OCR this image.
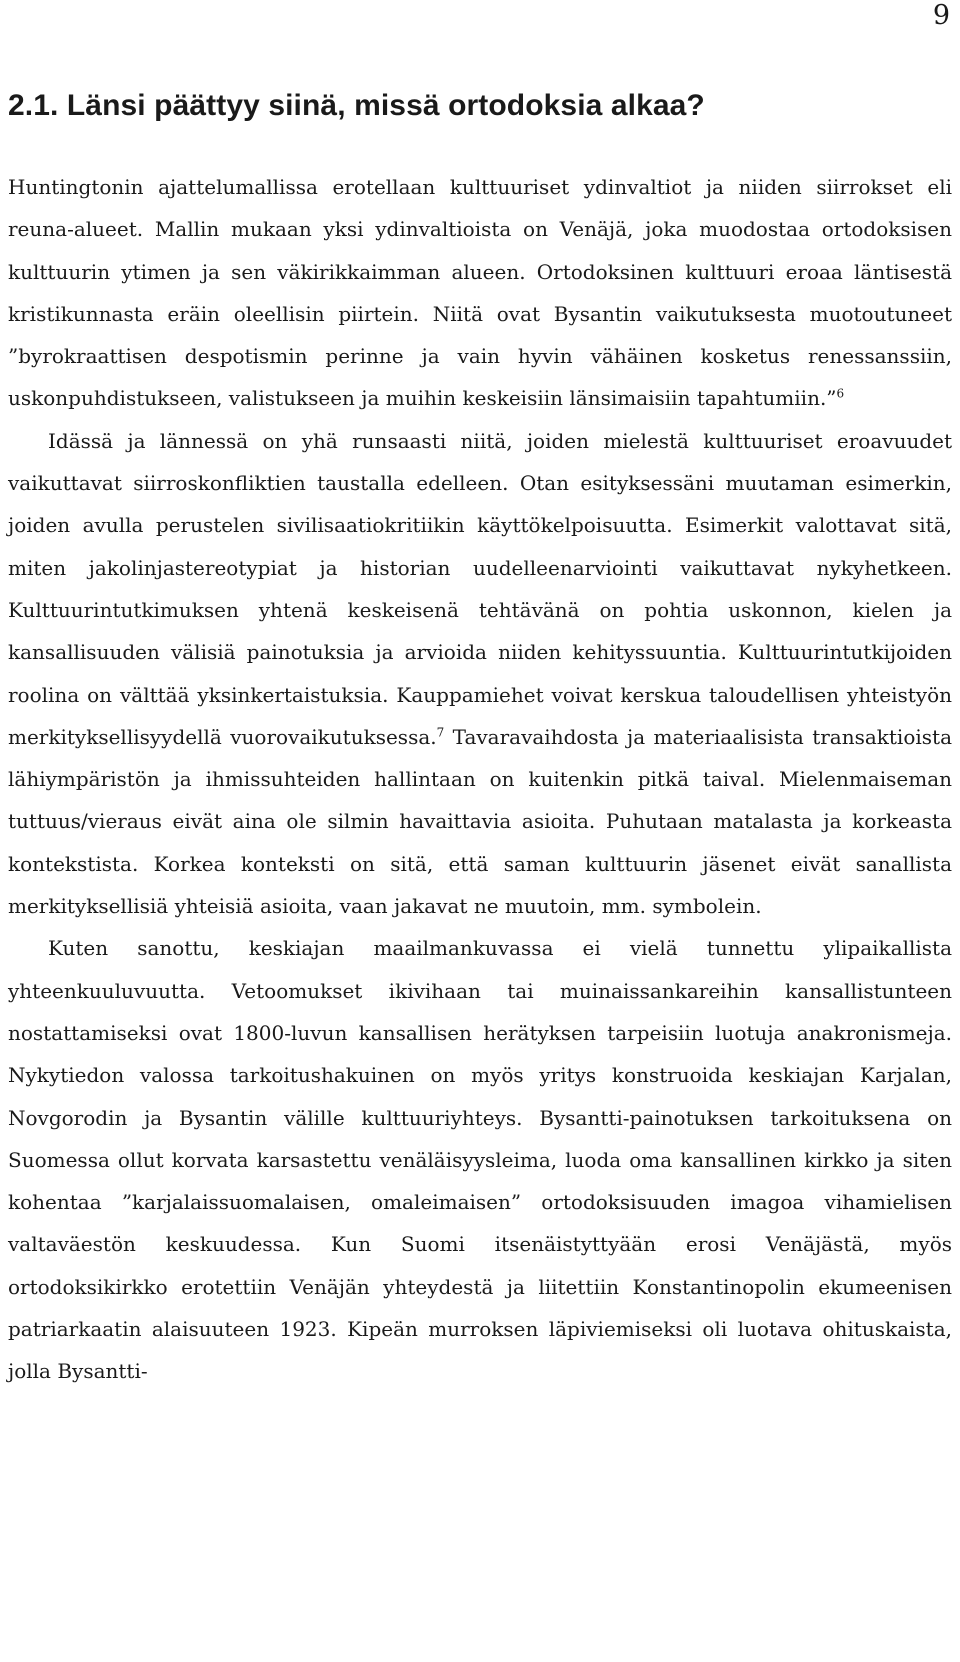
9
2.1. Länsi päättyy siinä, missä ortodoksia alkaa?

Huntingtonin ajattelumallissa erotellaan kulttuuriset ydinvaltiot ja niiden siirrokset eli reuna-alueet. Mallin mukaan yksi ydinvaltioista on Venäjä, joka muodostaa ortodoksisen kulttuurin ytimen ja sen väkirikkaimman alueen. Ortodoksinen kulttuuri eroaa läntisestä kristikunnasta eräin oleellisin piirtein. Niitä ovat Bysantin vaikutuksesta muotoutuneet ”byrokraattisen despotismin perinne ja vain hyvin vähäinen kosketus renessanssiin, uskonpuhdistukseen, valistukseen ja muihin keskeisiin länsimaisiin tapahtumiin.”$^6$

Idässä ja lännessä on yhä runsaasti niitä, joiden mielestä kulttuuriset eroavuudet vaikuttavat siirroskonfliktien taustalla edelleen. Otan esityksessäni muutaman esimerkin, joiden avulla perustelen sivilisaatiokritiikin käyttökelpoisuutta. Esimerkit valottavat sitä, miten jakolinjastereotypiat ja historian uudelleenarviointi vaikuttavat nykyhetkeen. Kulttuurintutkimuksen yhtenä keskeisenä tehtävänä on pohtia uskonnon, kielen ja kansallisuuden välisiä painotuksia ja arvioida niiden kehityssuuntia. Kulttuurintutkijoiden roolina on välttää yksinkertaistuksia. Kauppamiehet voivat kerskua taloudellisen yhteistyön merkityksellisyydellä vuorovaikutuksessa.$^7$ Tavaravaihdosta ja materiaalisista transaktioista lähiympäristön ja ihmissuhteiden hallintaan on kuitenkin pitkä taival. Mielenmaiseman tuttuus/vieraus eivät aina ole silmin havaittavia asioita. Puhutaan matalasta ja korkeasta kontekstista. Korkea konteksti on sitä, että saman kulttuurin jäsenet eivät sanallista merkityksellisiä yhteisiä asioita, vaan jakavat ne muutoin, mm. symbolein.

Kuten sanottu, keskiajan maailmankuvassa ei vielä tunnettu ylipaikallista yhteenkuuluvuutta. Vetoomukset ikivihaan tai muinaissankareihin kansallistunteen nostattamiseksi ovat 1800-luvun kansallisen herätyksen tarpeisiin luotuja anakronismeja. Nykytiedon valossa tarkoitushakuinen on myös yritys konstruoida keskiajan Karjalan, Novgorodin ja Bysantin välille kulttuuriyhteys. Bysantti-painotuksen tarkoituksena on Suomessa ollut korvata karsastettu venäläisyysleima, luoda oma kansallinen kirkko ja siten kohentaa ”karjalaissuomalaisen, omaleimaisen” ortodoksisuuden imagoa vihamielisen valtaväestön keskuudessa. Kun Suomi itsenäistyttyään erosi Venäjästä, myös ortodoksikirkko erotettiin Venäjän yhteydestä ja liitettiin Konstantinopolin ekumeenisen patriarkaatin alaisuuteen 1923. Kipeän murroksen läpiviemiseksi oli luotava ohituskaista, jolla Bysantti-
